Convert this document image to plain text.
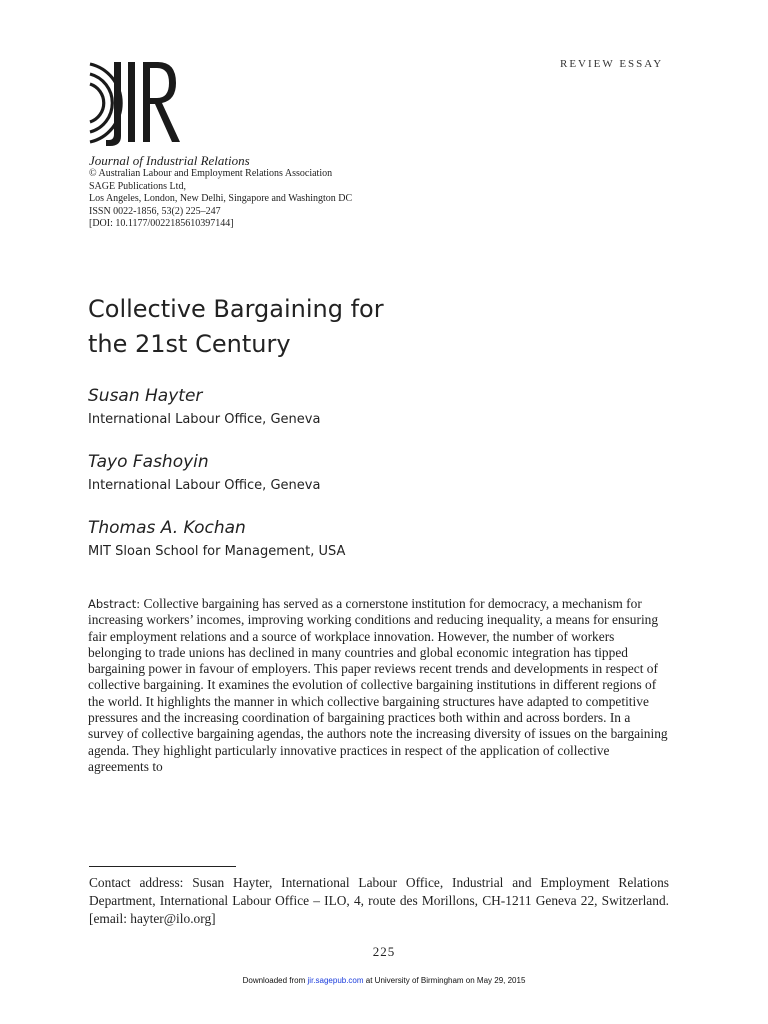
REVIEW ESSAY
Journal of Industrial Relations
© Australian Labour and Employment Relations Association
SAGE Publications Ltd,
Los Angeles, London, New Delhi, Singapore and Washington DC
ISSN 0022-1856, 53(2) 225–247
[DOI: 10.1177/0022185610397144]
Collective Bargaining for
the 21st Century
Susan Hayter
International Labour Office, Geneva
Tayo Fashoyin
International Labour Office, Geneva
Thomas A. Kochan
MIT Sloan School for Management, USA
Abstract: Collective bargaining has served as a cornerstone institution for democracy, a mechanism for increasing workers’ incomes, improving working conditions and reducing inequality, a means for ensuring fair employment relations and a source of workplace innovation. However, the number of workers belonging to trade unions has declined in many countries and global economic integration has tipped bargaining power in favour of employers. This paper reviews recent trends and developments in respect of collective bargaining. It examines the evolution of collective bargaining institutions in different regions of the world. It highlights the manner in which collective bargaining structures have adapted to competitive pressures and the increasing coordination of bargaining practices both within and across borders. In a survey of collective bargaining agendas, the authors note the increasing diversity of issues on the bargaining agenda. They highlight particularly innovative practices in respect of the application of collective agreements to
Contact address: Susan Hayter, International Labour Office, Industrial and Employment Relations Department, International Labour Office – ILO, 4, route des Morillons, CH-1211 Geneva 22, Switzerland. [email: hayter@ilo.org]
225
Downloaded from jir.sagepub.com at University of Birmingham on May 29, 2015
